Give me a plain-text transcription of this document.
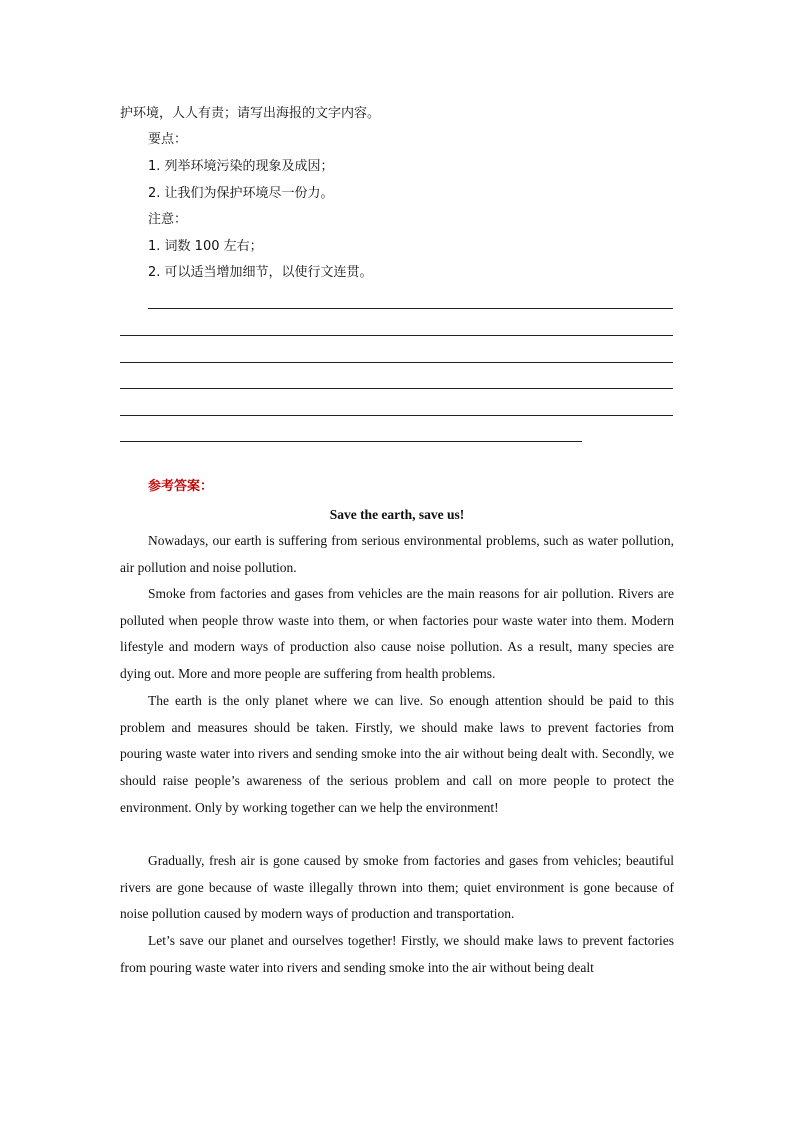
护环境，人人有责；请写出海报的文字内容。
要点：
1. 列举环境污染的现象及成因；
2. 让我们为保护环境尽一份力。
注意：
1. 词数 100 左右；
2. 可以适当增加细节，以使行文连贯。
参考答案：
Save the earth, save us!

Nowadays, our earth is suffering from serious environmental problems, such as water pollution, air pollution and noise pollution.

Smoke from factories and gases from vehicles are the main reasons for air pollution. Rivers are polluted when people throw waste into them, or when factories pour waste water into them. Modern lifestyle and modern ways of production also cause noise pollution. As a result, many species are dying out. More and more people are suffering from health problems.

The earth is the only planet where we can live. So enough attention should be paid to this problem and measures should be taken. Firstly, we should make laws to prevent factories from pouring waste water into rivers and sending smoke into the air without being dealt with. Secondly, we should raise people’s awareness of the serious problem and call on more people to protect the environment. Only by working together can we help the environment!

Gradually, fresh air is gone caused by smoke from factories and gases from vehicles; beautiful rivers are gone because of waste illegally thrown into them; quiet environment is gone because of noise pollution caused by modern ways of production and transportation.

Let’s save our planet and ourselves together! Firstly, we should make laws to prevent factories from pouring waste water into rivers and sending smoke into the air without being dealt
